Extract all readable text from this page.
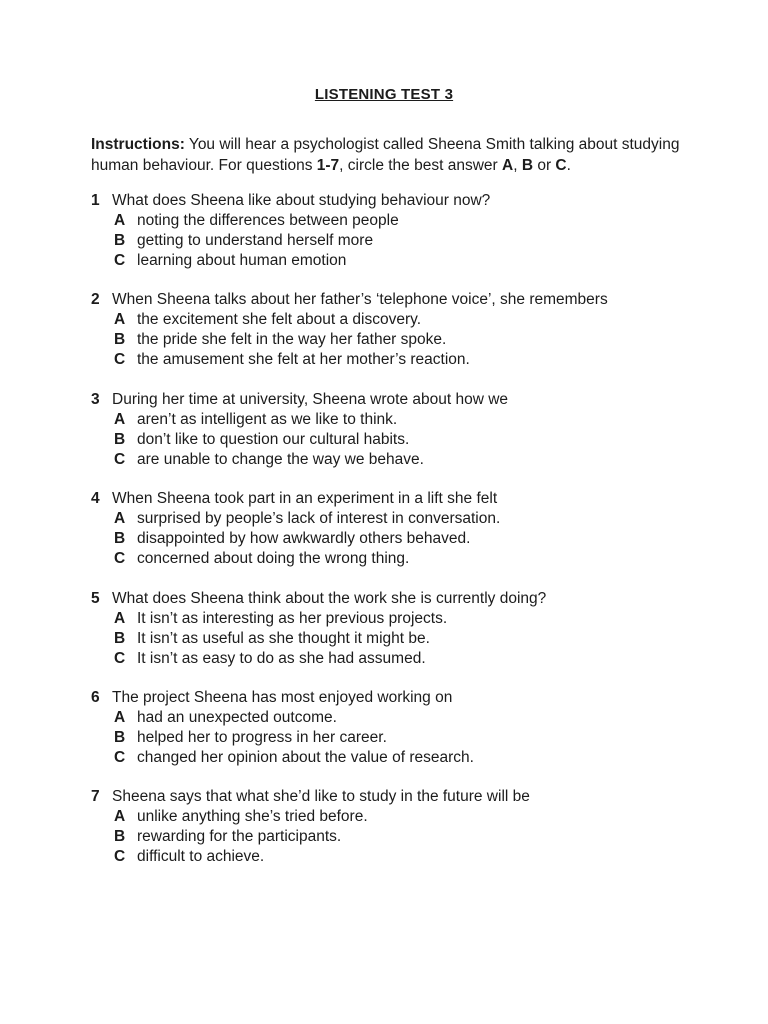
LISTENING TEST 3
Instructions: You will hear a psychologist called Sheena Smith talking about studying human behaviour. For questions 1-7, circle the best answer A, B or C.
1 What does Sheena like about studying behaviour now?
A noting the differences between people
B getting to understand herself more
C learning about human emotion
2 When Sheena talks about her father’s ‘telephone voice’, she remembers
A the excitement she felt about a discovery.
B the pride she felt in the way her father spoke.
C the amusement she felt at her mother’s reaction.
3 During her time at university, Sheena wrote about how we
A aren’t as intelligent as we like to think.
B don’t like to question our cultural habits.
C are unable to change the way we behave.
4 When Sheena took part in an experiment in a lift she felt
A surprised by people’s lack of interest in conversation.
B disappointed by how awkwardly others behaved.
C concerned about doing the wrong thing.
5 What does Sheena think about the work she is currently doing?
A It isn’t as interesting as her previous projects.
B It isn’t as useful as she thought it might be.
C It isn’t as easy to do as she had assumed.
6 The project Sheena has most enjoyed working on
A had an unexpected outcome.
B helped her to progress in her career.
C changed her opinion about the value of research.
7 Sheena says that what she’d like to study in the future will be
A unlike anything she’s tried before.
B rewarding for the participants.
C difficult to achieve.
